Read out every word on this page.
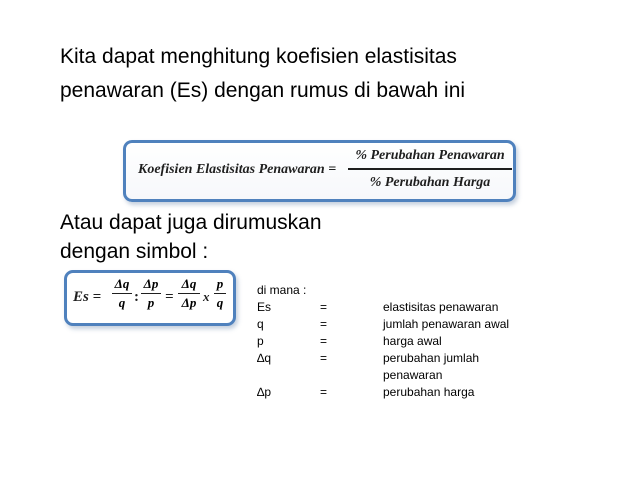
Kita dapat menghitung koefisien elastisitas
penawaran (Es) dengan rumus di bawah ini
Koefisien Elastisitas Penawaran =
% Perubahan Penawaran
% Perubahan Harga
Atau dapat juga dirumuskan
dengan simbol :
Es =
Δq
q :
Δp
p =
Δq
Δp x
p
q
di mana :
Es	=	elastisitas penawaran
q	=	jumlah penawaran awal
p	=	harga awal
∆q	=	perubahan jumlah
penawaran
∆p	=	perubahan harga
